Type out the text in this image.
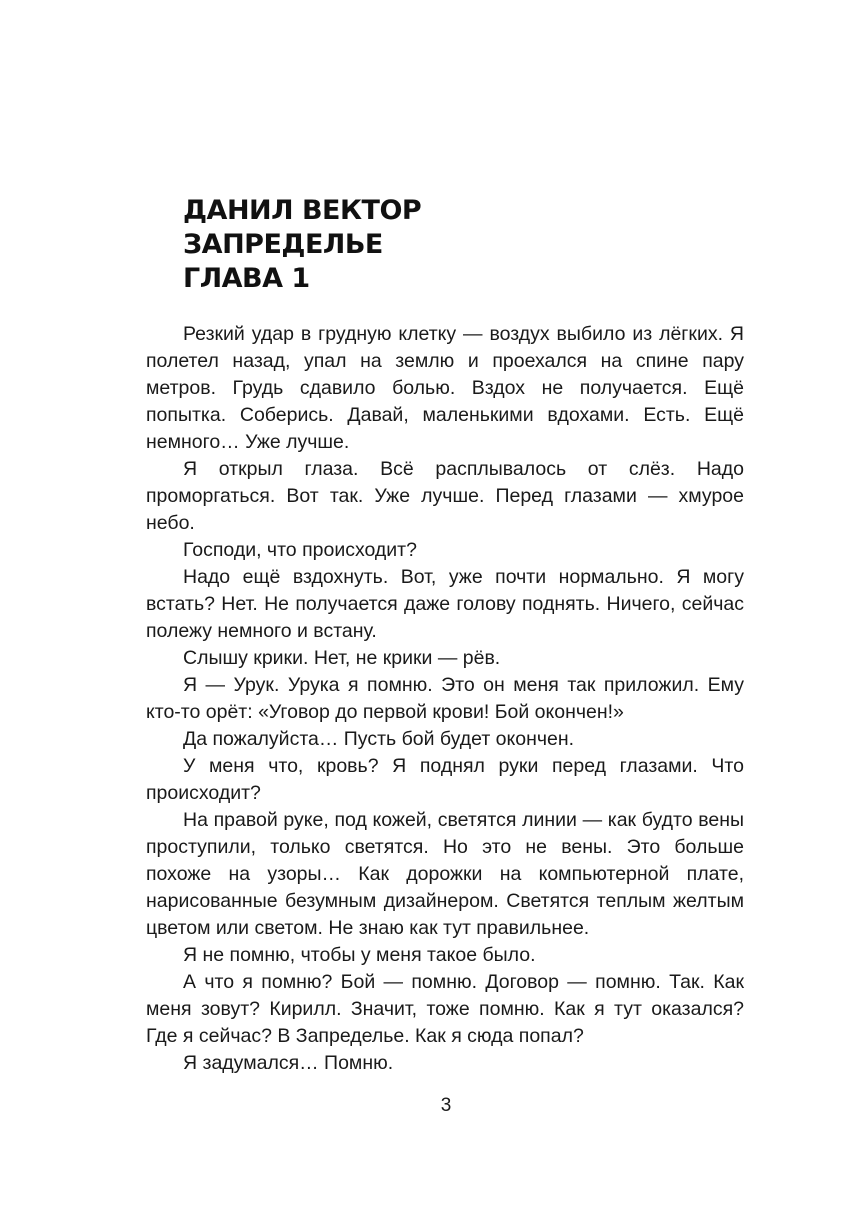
ДАНИЛ ВЕКТОР
ЗАПРЕДЕЛЬЕ
ГЛАВА 1

Резкий удар в грудную клетку — воздух выбило из лёгких. Я полетел назад, упал на землю и проехался на спине пару метров. Грудь сдавило болью. Вздох не получается. Ещё попытка. Соберись. Давай, маленькими вдохами. Есть. Ещё немного… Уже лучше.

Я открыл глаза. Всё расплывалось от слёз. Надо проморгаться. Вот так. Уже лучше. Перед глазами — хмурое небо.

Господи, что происходит?

Надо ещё вздохнуть. Вот, уже почти нормально. Я могу встать? Нет. Не получается даже голову поднять. Ничего, сейчас полежу немного и встану.

Слышу крики. Нет, не крики — рёв.

Я — Урук. Урука я помню. Это он меня так приложил. Ему кто-то орёт: «Уговор до первой крови! Бой окончен!»

Да пожалуйста… Пусть бой будет окончен.

У меня что, кровь? Я поднял руки перед глазами. Что происходит?

На правой руке, под кожей, светятся линии — как будто вены проступили, только светятся. Но это не вены. Это больше похоже на узоры… Как дорожки на компьютерной плате, нарисованные безумным дизайнером. Светятся теплым желтым цветом или светом. Не знаю как тут правильнее.

Я не помню, чтобы у меня такое было.

А что я помню? Бой — помню. Договор — помню. Так. Как меня зовут? Кирилл. Значит, тоже помню. Как я тут оказался? Где я сейчас? В Запределье. Как я сюда попал?

Я задумался… Помню.

3
